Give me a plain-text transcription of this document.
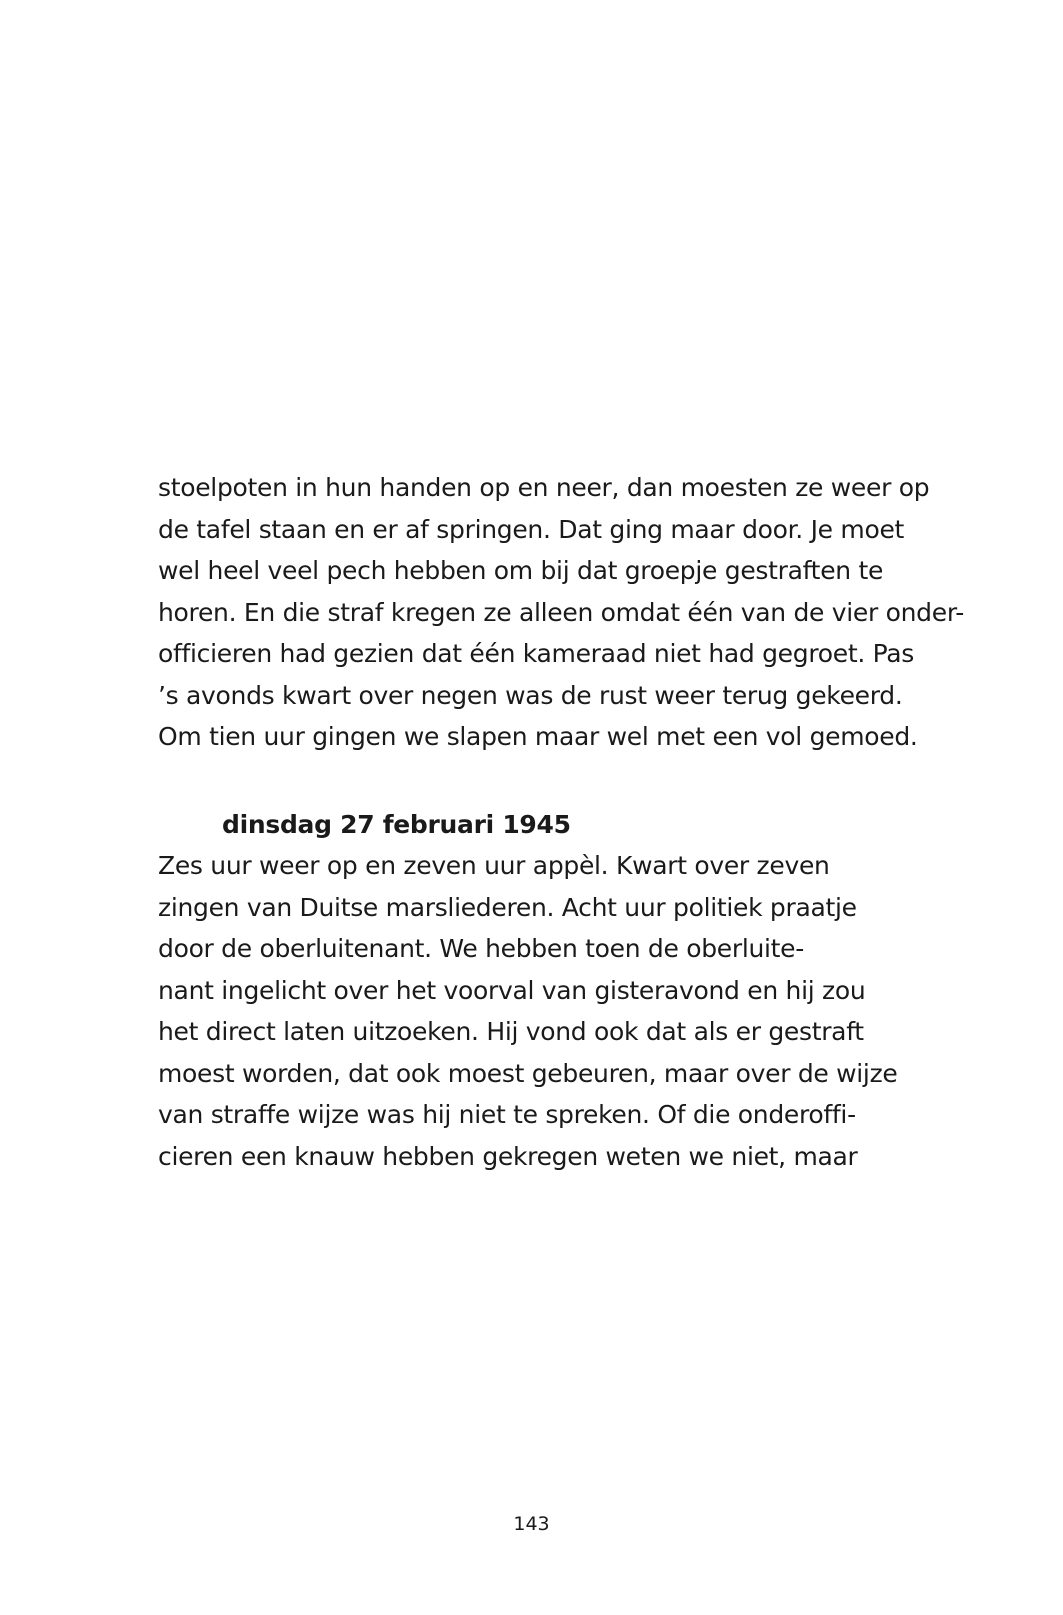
stoelpoten in hun handen op en neer, dan moesten ze weer op
de tafel staan en er af springen. Dat ging maar door. Je moet
wel heel veel pech hebben om bij dat groepje gestraften te
horen. En die straf kregen ze alleen omdat één van de vier onder-
officieren had gezien dat één kameraad niet had gegroet. Pas
’s avonds kwart over negen was de rust weer terug gekeerd.
Om tien uur gingen we slapen maar wel met een vol gemoed.
dinsdag 27 februari 1945
Zes uur weer op en zeven uur appèl. Kwart over zeven
zingen van Duitse marsliederen. Acht uur politiek praatje
door de oberluitenant. We hebben toen de oberluite-
nant ingelicht over het voorval van gisteravond en hij zou
het direct laten uitzoeken. Hij vond ook dat als er gestraft
moest worden, dat ook moest gebeuren, maar over de wijze
van straffe wijze was hij niet te spreken. Of die onderoffi-
cieren een knauw hebben gekregen weten we niet, maar
143
